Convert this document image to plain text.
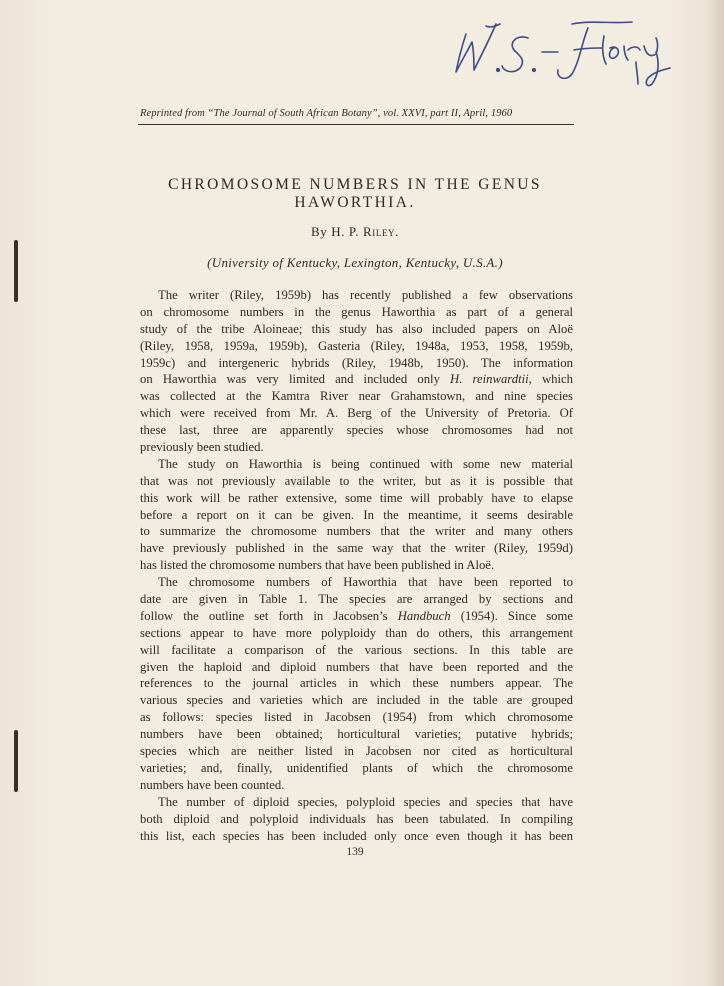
Reprinted from “The Journal of South African Botany”, vol. XXVI, part II, April, 1960
CHROMOSOME NUMBERS IN THE GENUS
HAWORTHIA.
By H. P. Riley.
(University of Kentucky, Lexington, Kentucky, U.S.A.)
The writer (Riley, 1959b) has recently published a few observations
on chromosome numbers in the genus Haworthia as part of a general
study of the tribe Aloineae; this study has also included papers on Aloë
(Riley, 1958, 1959a, 1959b), Gasteria (Riley, 1948a, 1953, 1958, 1959b,
1959c) and intergeneric hybrids (Riley, 1948b, 1950). The information
on Haworthia was very limited and included only H. reinwardtii, which
was collected at the Kamtra River near Grahamstown, and nine species
which were received from Mr. A. Berg of the University of Pretoria. Of
these last, three are apparently species whose chromosomes had not
previously been studied.
The study on Haworthia is being continued with some new material
that was not previously available to the writer, but as it is possible that
this work will be rather extensive, some time will probably have to elapse
before a report on it can be given. In the meantime, it seems desirable
to summarize the chromosome numbers that the writer and many others
have previously published in the same way that the writer (Riley, 1959d)
has listed the chromosome numbers that have been published in Aloë.
The chromosome numbers of Haworthia that have been reported to
date are given in Table 1. The species are arranged by sections and
follow the outline set forth in Jacobsen’s Handbuch (1954). Since some
sections appear to have more polyploidy than do others, this arrangement
will facilitate a comparison of the various sections. In this table are
given the haploid and diploid numbers that have been reported and the
references to the journal articles in which these numbers appear. The
various species and varieties which are included in the table are grouped
as follows: species listed in Jacobsen (1954) from which chromosome
numbers have been obtained; horticultural varieties; putative hybrids;
species which are neither listed in Jacobsen nor cited as horticultural
varieties; and, finally, unidentified plants of which the chromosome
numbers have been counted.
The number of diploid species, polyploid species and species that have
both diploid and polyploid individuals has been tabulated. In compiling
this list, each species has been included only once even though it has been
139
